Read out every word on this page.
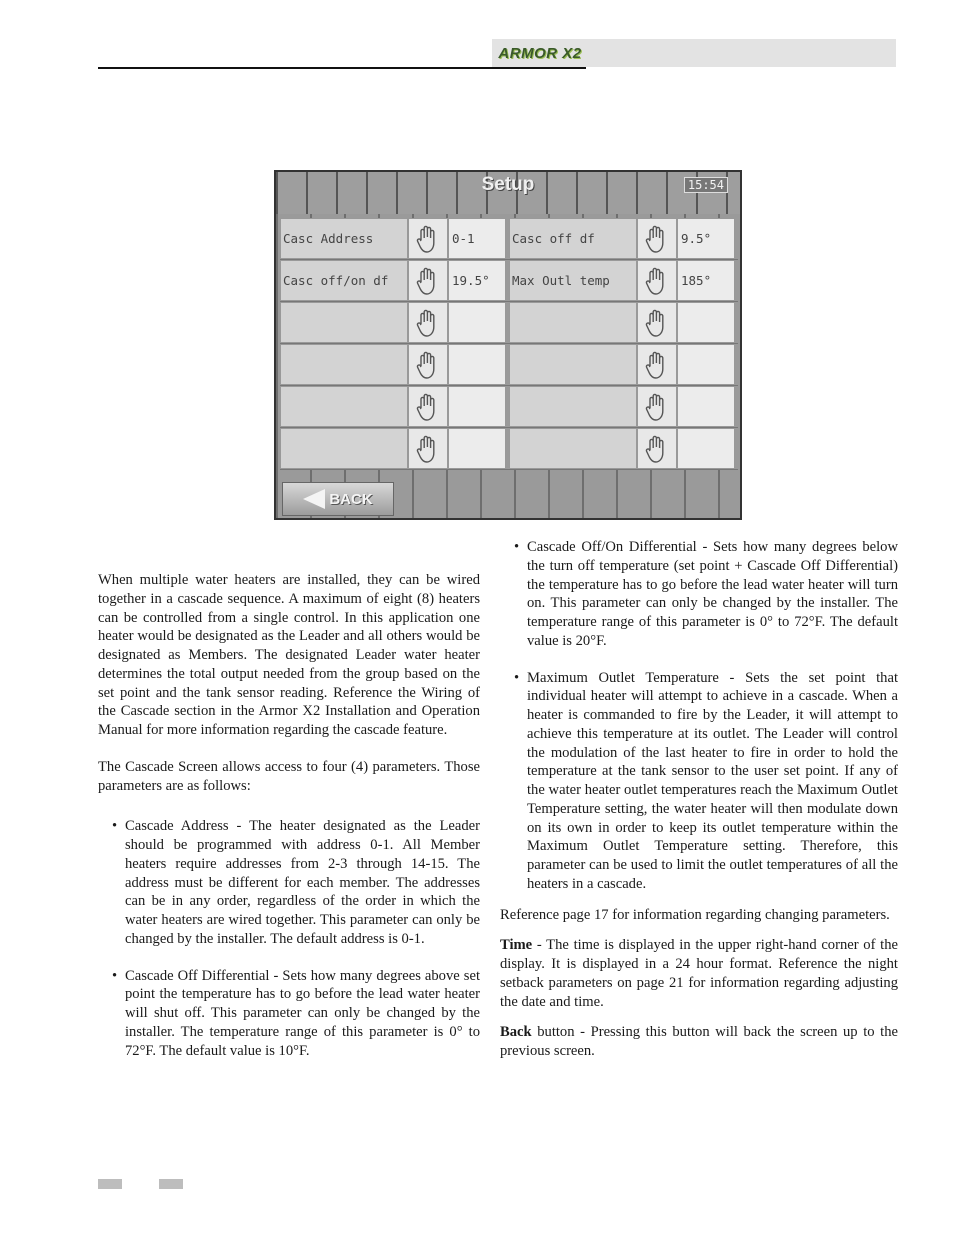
ARMOR X2
Setup	15:54
Casc Address	0-1	Casc off df	9.5°
Casc off/on df	19.5°	Max Outl temp	185°
BACK

When multiple water heaters are installed, they can be wired together in a cascade sequence. A maximum of eight (8) heaters can be controlled from a single control. In this application one heater would be designated as the Leader and all others would be designated as Members. The designated Leader water heater determines the total output needed from the group based on the set point and the tank sensor reading. Reference the Wiring of the Cascade section in the Armor X2 Installation and Operation Manual for more information regarding the cascade feature.

The Cascade Screen allows access to four (4) parameters. Those parameters are as follows:

• Cascade Address - The heater designated as the Leader should be programmed with address 0-1. All Member heaters require addresses from 2-3 through 14-15. The address must be different for each member. The addresses can be in any order, regardless of the order in which the water heaters are wired together. This parameter can only be changed by the installer. The default address is 0-1.

• Cascade Off Differential - Sets how many degrees above set point the temperature has to go before the lead water heater will shut off. This parameter can only be changed by the installer. The temperature range of this parameter is 0° to 72°F. The default value is 10°F.

• Cascade Off/On Differential - Sets how many degrees below the turn off temperature (set point + Cascade Off Differential) the temperature has to go before the lead water heater will turn on. This parameter can only be changed by the installer. The temperature range of this parameter is 0° to 72°F. The default value is 20°F.

• Maximum Outlet Temperature - Sets the set point that individual heater will attempt to achieve in a cascade. When a heater is commanded to fire by the Leader, it will attempt to achieve this temperature at its outlet. The Leader will control the modulation of the last heater to fire in order to hold the temperature at the tank sensor to the user set point. If any of the water heater outlet temperatures reach the Maximum Outlet Temperature setting, the water heater will then modulate down on its own in order to keep its outlet temperature within the Maximum Outlet Temperature setting. Therefore, this parameter can be used to limit the outlet temperatures of all the heaters in a cascade.

Reference page 17 for information regarding changing parameters.

Time - The time is displayed in the upper right-hand corner of the display. It is displayed in a 24 hour format. Reference the night setback parameters on page 21 for information regarding adjusting the date and time.

Back button - Pressing this button will back the screen up to the previous screen.
